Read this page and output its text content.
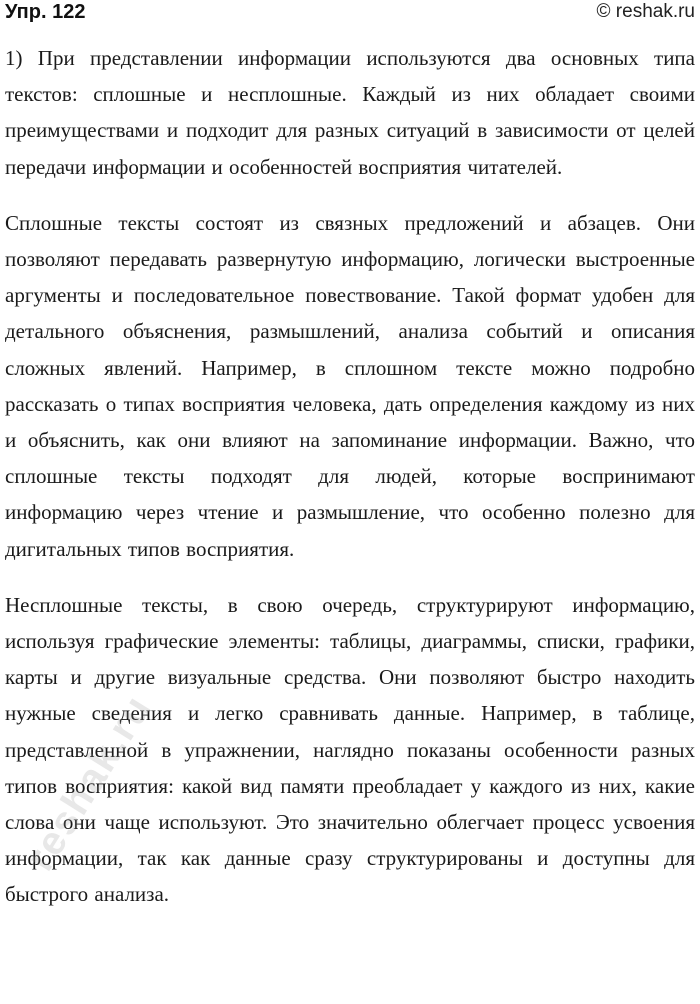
Упр. 122	© reshak.ru

1) При представлении информации используются два основных типа текстов: сплошные и несплошные. Каждый из них обладает своими преимуществами и подходит для разных ситуаций в зависимости от целей передачи информации и особенностей восприятия читателей.

Сплошные тексты состоят из связных предложений и абзацев. Они позволяют передавать развернутую информацию, логически выстроенные аргументы и последовательное повествование. Такой формат удобен для детального объяснения, размышлений, анализа событий и описания сложных явлений. Например, в сплошном тексте можно подробно рассказать о типах восприятия человека, дать определения каждому из них и объяснить, как они влияют на запоминание информации. Важно, что сплошные тексты подходят для людей, которые воспринимают информацию через чтение и размышление, что особенно полезно для дигитальных типов восприятия.

Несплошные тексты, в свою очередь, структурируют информацию, используя графические элементы: таблицы, диаграммы, списки, графики, карты и другие визуальные средства. Они позволяют быстро находить нужные сведения и легко сравнивать данные. Например, в таблице, представленной в упражнении, наглядно показаны особенности разных типов восприятия: какой вид памяти преобладает у каждого из них, какие слова они чаще используют. Это значительно облегчает процесс усвоения информации, так как данные сразу структурированы и доступны для быстрого анализа.

reshak.ru
